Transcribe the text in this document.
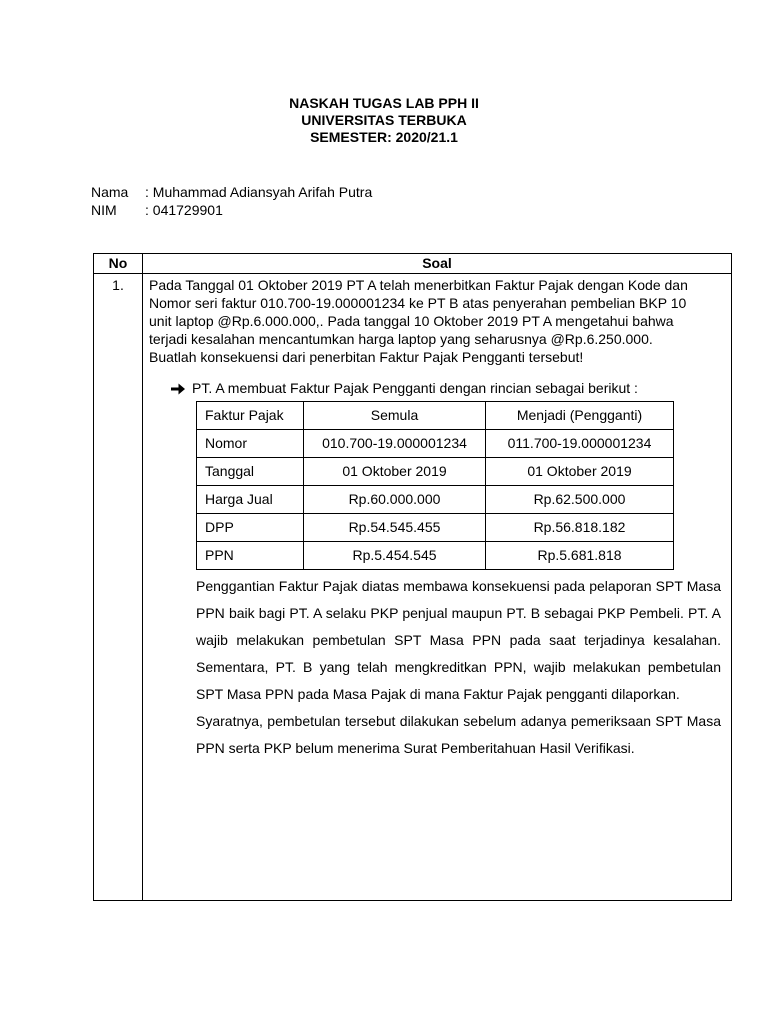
NASKAH TUGAS LAB PPH II
UNIVERSITAS TERBUKA
SEMESTER: 2020/21.1
Nama	: Muhammad Adiansyah Arifah Putra
NIM	: 041729901
No	Soal
1.	Pada Tanggal 01 Oktober 2019 PT A telah menerbitkan Faktur Pajak dengan Kode dan
Nomor seri faktur 010.700-19.000001234 ke PT B atas penyerahan pembelian BKP 10
unit laptop @Rp.6.000.000,. Pada tanggal 10 Oktober 2019 PT A mengetahui bahwa
terjadi kesalahan mencantumkan harga laptop yang seharusnya @Rp.6.250.000.
Buatlah konsekuensi dari penerbitan Faktur Pajak Pengganti tersebut!
PT. A membuat Faktur Pajak Pengganti dengan rincian sebagai berikut :
Faktur Pajak	Semula	Menjadi (Pengganti)
Nomor	010.700-19.000001234	011.700-19.000001234
Tanggal	01 Oktober 2019	01 Oktober 2019
Harga Jual	Rp.60.000.000	Rp.62.500.000
DPP	Rp.54.545.455	Rp.56.818.182
PPN	Rp.5.454.545	Rp.5.681.818
Penggantian Faktur Pajak diatas membawa konsekuensi pada pelaporan SPT Masa PPN baik bagi PT. A selaku PKP penjual maupun PT. B sebagai PKP Pembeli. PT. A wajib melakukan pembetulan SPT Masa PPN pada saat terjadinya kesalahan. Sementara, PT. B yang telah mengkreditkan PPN, wajib melakukan pembetulan SPT Masa PPN pada Masa Pajak di mana Faktur Pajak pengganti dilaporkan.
Syaratnya, pembetulan tersebut dilakukan sebelum adanya pemeriksaan SPT Masa PPN serta PKP belum menerima Surat Pemberitahuan Hasil Verifikasi.
